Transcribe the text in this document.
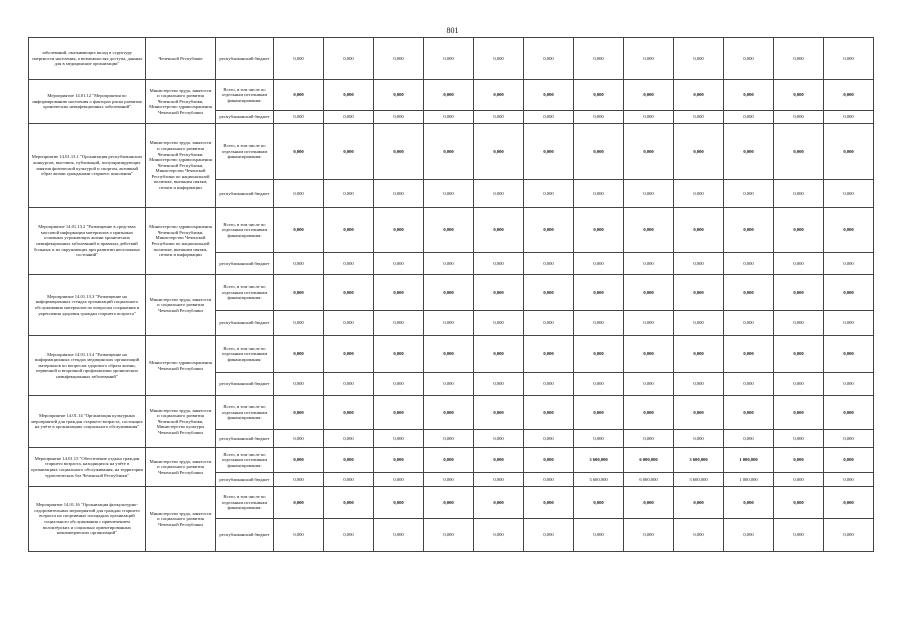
801
заболеваний, оказывающих вклад в структуру смертности населения, а возможностях доступа, данных для в медицинские организации"	Чеченской Республике	республиканский бюджет	0,000	0,000	0,000	0,000	0,000	0,000	0,000	0,000	0,000	0,000	0,000	0,000
Мероприятие 14.01.12 "Мероприятия по информированию населения о факторах риска развития хронических неинфекционных заболеваний"	Министерство труда, занятости и социального развития Чеченской Республики, Министерство здравоохранения Чеченской Республики	Всего, в том числе по отдельным источникам финансирования:	0,000	0,000	0,000	0,000	0,000	0,000	0,000	0,000	0,000	0,000	0,000	0,000
		республиканский бюджет	0,000	0,000	0,000	0,000	0,000	0,000	0,000	0,000	0,000	0,000	0,000	0,000
Мероприятие 14.01.13.1 "Организация республиканских конкурсов, выставок, публикаций, популяризирующих занятия физической культурой и спортом, активный образ жизни гражданами старшего поколения"	Министерство труда, занятости и социального развития Чеченской Республики, Министерство здравоохранения Чеченской Республики, Министерство Чеченской Республики по национальной политике, внешним связям, печати и информации	Всего, в том числе по отдельным источникам финансирования:	0,000	0,000	0,000	0,000	0,000	0,000	0,000	0,000	0,000	0,000	0,000	0,000
		республиканский бюджет	0,000	0,000	0,000	0,000	0,000	0,000	0,000	0,000	0,000	0,000	0,000	0,000
Мероприятие 14.01.13.2 "Размещение в средствах массовой информации материалов о признаках основных угрожающих жизни хронических неинфекционных заболеваний и правилах действий больных и их окружающих при развитии неотложных состояний"	Министерство здравоохранения Чеченской Республики, Министерство Чеченской Республики по национальной политике, внешним связям, печати и информации	Всего, в том числе по отдельным источникам финансирования:	0,000	0,000	0,000	0,000	0,000	0,000	0,000	0,000	0,000	0,000	0,000	0,000
		республиканский бюджет	0,000	0,000	0,000	0,000	0,000	0,000	0,000	0,000	0,000	0,000	0,000	0,000
Мероприятие 14.01.13.3 "Размещение на информационных стендах организаций социального обслуживания материалов по вопросам сохранения и укрепления здоровья граждан старшего возраста"	Министерство труда, занятости и социального развития Чеченской Республики	Всего, в том числе по отдельным источникам финансирования:	0,000	0,000	0,000	0,000	0,000	0,000	0,000	0,000	0,000	0,000	0,000	0,000
		республиканский бюджет	0,000	0,000	0,000	0,000	0,000	0,000	0,000	0,000	0,000	0,000	0,000	0,000
Мероприятие 14.01.13.4 "Размещение на информационных стендах медицинских организаций материалов по вопросам здорового образа жизни, первичной и вторичной профилактики хронических неинфекционных заболеваний"	Министерство здравоохранения Чеченской Республики	Всего, в том числе по отдельным источникам финансирования:	0,000	0,000	0,000	0,000	0,000	0,000	0,000	0,000	0,000	0,000	0,000	0,000
		республиканский бюджет	0,000	0,000	0,000	0,000	0,000	0,000	0,000	0,000	0,000	0,000	0,000	0,000
Мероприятие 14.01.14 "Организация культурных мероприятий для граждан старшего возраста, состоящих на учёте в организациях социального обслуживания"	Министерство труда, занятости и социального развития Чеченской Республики, Министерство культуры Чеченской Республики	Всего, в том числе по отдельным источникам финансирования:	0,000	0,000	0,000	0,000	0,000	0,000	0,000	0,000	0,000	0,000	0,000	0,000
		республиканский бюджет	0,000	0,000	0,000	0,000	0,000	0,000	0,000	0,000	0,000	0,000	0,000	0,000
Мероприятие 14.01.15 "Обеспечение отдыха граждан старшего возраста, находящихся на учёте в организациях социального обслуживания, на территории туристических баз Чеченской Республики"	Министерство труда, занятости и социального развития Чеченской Республики	Всего, в том числе по отдельным источникам финансирования:	0,000	0,000	0,000	0,000	0,000	0,000	3 600,000	6 000,000	3 600,000	1 000,000	0,000	0,000
		республиканский бюджет	0,000	0,000	0,000	0,000	0,000	0,000	3 600,000	6 000,000	3 600,000	1 000,000	0,000	0,000
Мероприятие 14.01.16 "Организация физкультурно-оздоровительных мероприятий для граждан старшего возраста на спортивных площадках организаций социального обслуживания с привлечением волонтёрских и социально ориентированных некоммерческих организаций"	Министерство труда, занятости и социального развития Чеченской Республики	Всего, в том числе по отдельным источникам финансирования:	0,000	0,000	0,000	0,000	0,000	0,000	0,000	0,000	0,000	0,000	0,000	0,000
		республиканский бюджет	0,000	0,000	0,000	0,000	0,000	0,000	0,000	0,000	0,000	0,000	0,000	0,000
